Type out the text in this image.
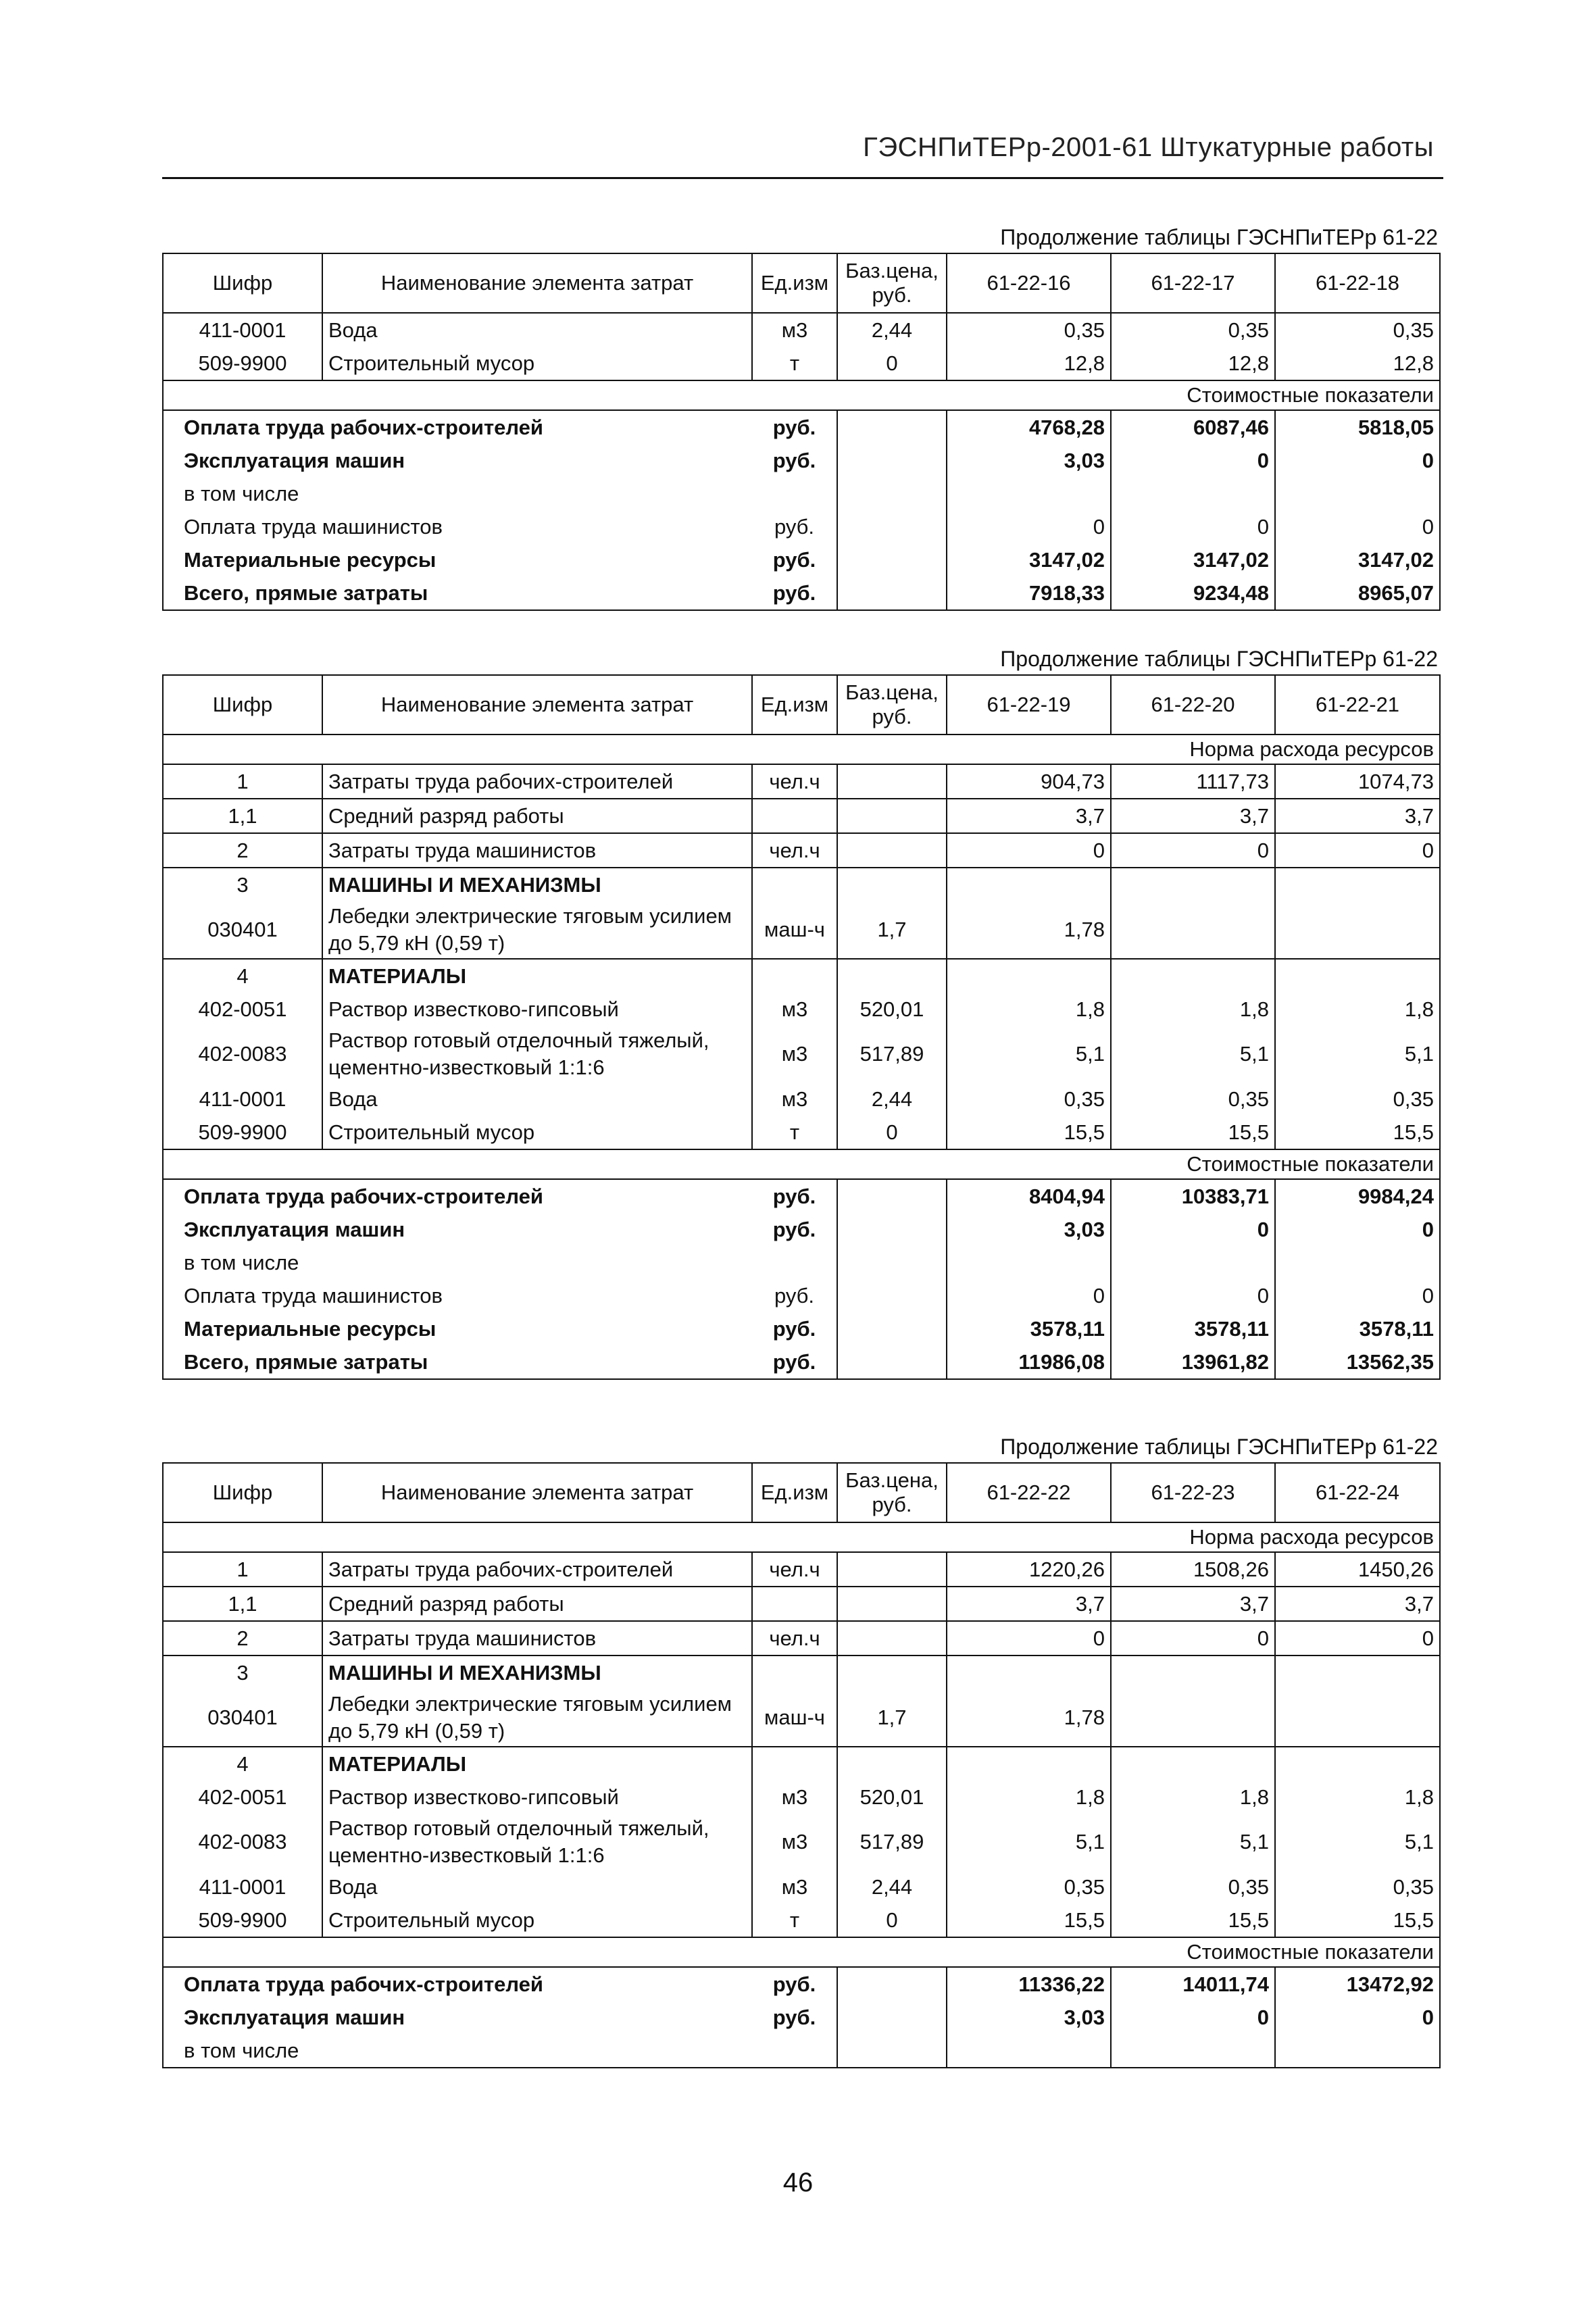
ГЭСНПиТЕРр-2001-61 Штукатурные работы
Продолжение таблицы ГЭСНПиТЕРр 61-22
Шифр	Наименование элемента затрат	Ед.изм	Баз.цена, руб.	61-22-16	61-22-17	61-22-18
411-0001	Вода	м3	2,44	0,35	0,35	0,35
509-9900	Строительный мусор	т	0	12,8	12,8	12,8
Стоимостные показатели						
Оплата труда рабочих-строителей		руб.		4768,28	6087,46	5818,05
Эксплуатация машин		руб.		3,03	0	0
в том числе						
Оплата труда машинистов		руб.		0	0	0
Материальные ресурсы		руб.		3147,02	3147,02	3147,02
Всего, прямые затраты		руб.		7918,33	9234,48	8965,07
Продолжение таблицы ГЭСНПиТЕРр 61-22
Шифр	Наименование элемента затрат	Ед.изм	Баз.цена, руб.	61-22-19	61-22-20	61-22-21
Норма расхода ресурсов						
1	Затраты труда рабочих-строителей	чел.ч		904,73	1117,73	1074,73
1,1	Средний разряд работы			3,7	3,7	3,7
2	Затраты труда машинистов	чел.ч		0	0	0
3	МАШИНЫ И МЕХАНИЗМЫ					
030401	Лебедки электрические тяговым усилием до 5,79 кН (0,59 т)	маш-ч	1,7	1,78		
4	МАТЕРИАЛЫ					
402-0051	Раствор известково-гипсовый	м3	520,01	1,8	1,8	1,8
402-0083	Раствор готовый отделочный тяжелый, цементно-известковый 1:1:6	м3	517,89	5,1	5,1	5,1
411-0001	Вода	м3	2,44	0,35	0,35	0,35
509-9900	Строительный мусор	т	0	15,5	15,5	15,5
Стоимостные показатели						
Оплата труда рабочих-строителей		руб.		8404,94	10383,71	9984,24
Эксплуатация машин		руб.		3,03	0	0
в том числе						
Оплата труда машинистов		руб.		0	0	0
Материальные ресурсы		руб.		3578,11	3578,11	3578,11
Всего, прямые затраты		руб.		11986,08	13961,82	13562,35
Продолжение таблицы ГЭСНПиТЕРр 61-22
Шифр	Наименование элемента затрат	Ед.изм	Баз.цена, руб.	61-22-22	61-22-23	61-22-24
Норма расхода ресурсов						
1	Затраты труда рабочих-строителей	чел.ч		1220,26	1508,26	1450,26
1,1	Средний разряд работы			3,7	3,7	3,7
2	Затраты труда машинистов	чел.ч		0	0	0
3	МАШИНЫ И МЕХАНИЗМЫ					
030401	Лебедки электрические тяговым усилием до 5,79 кН (0,59 т)	маш-ч	1,7	1,78		
4	МАТЕРИАЛЫ					
402-0051	Раствор известково-гипсовый	м3	520,01	1,8	1,8	1,8
402-0083	Раствор готовый отделочный тяжелый, цементно-известковый 1:1:6	м3	517,89	5,1	5,1	5,1
411-0001	Вода	м3	2,44	0,35	0,35	0,35
509-9900	Строительный мусор	т	0	15,5	15,5	15,5
Стоимостные показатели						
Оплата труда рабочих-строителей		руб.		11336,22	14011,74	13472,92
Эксплуатация машин		руб.		3,03	0	0
в том числе						
46
